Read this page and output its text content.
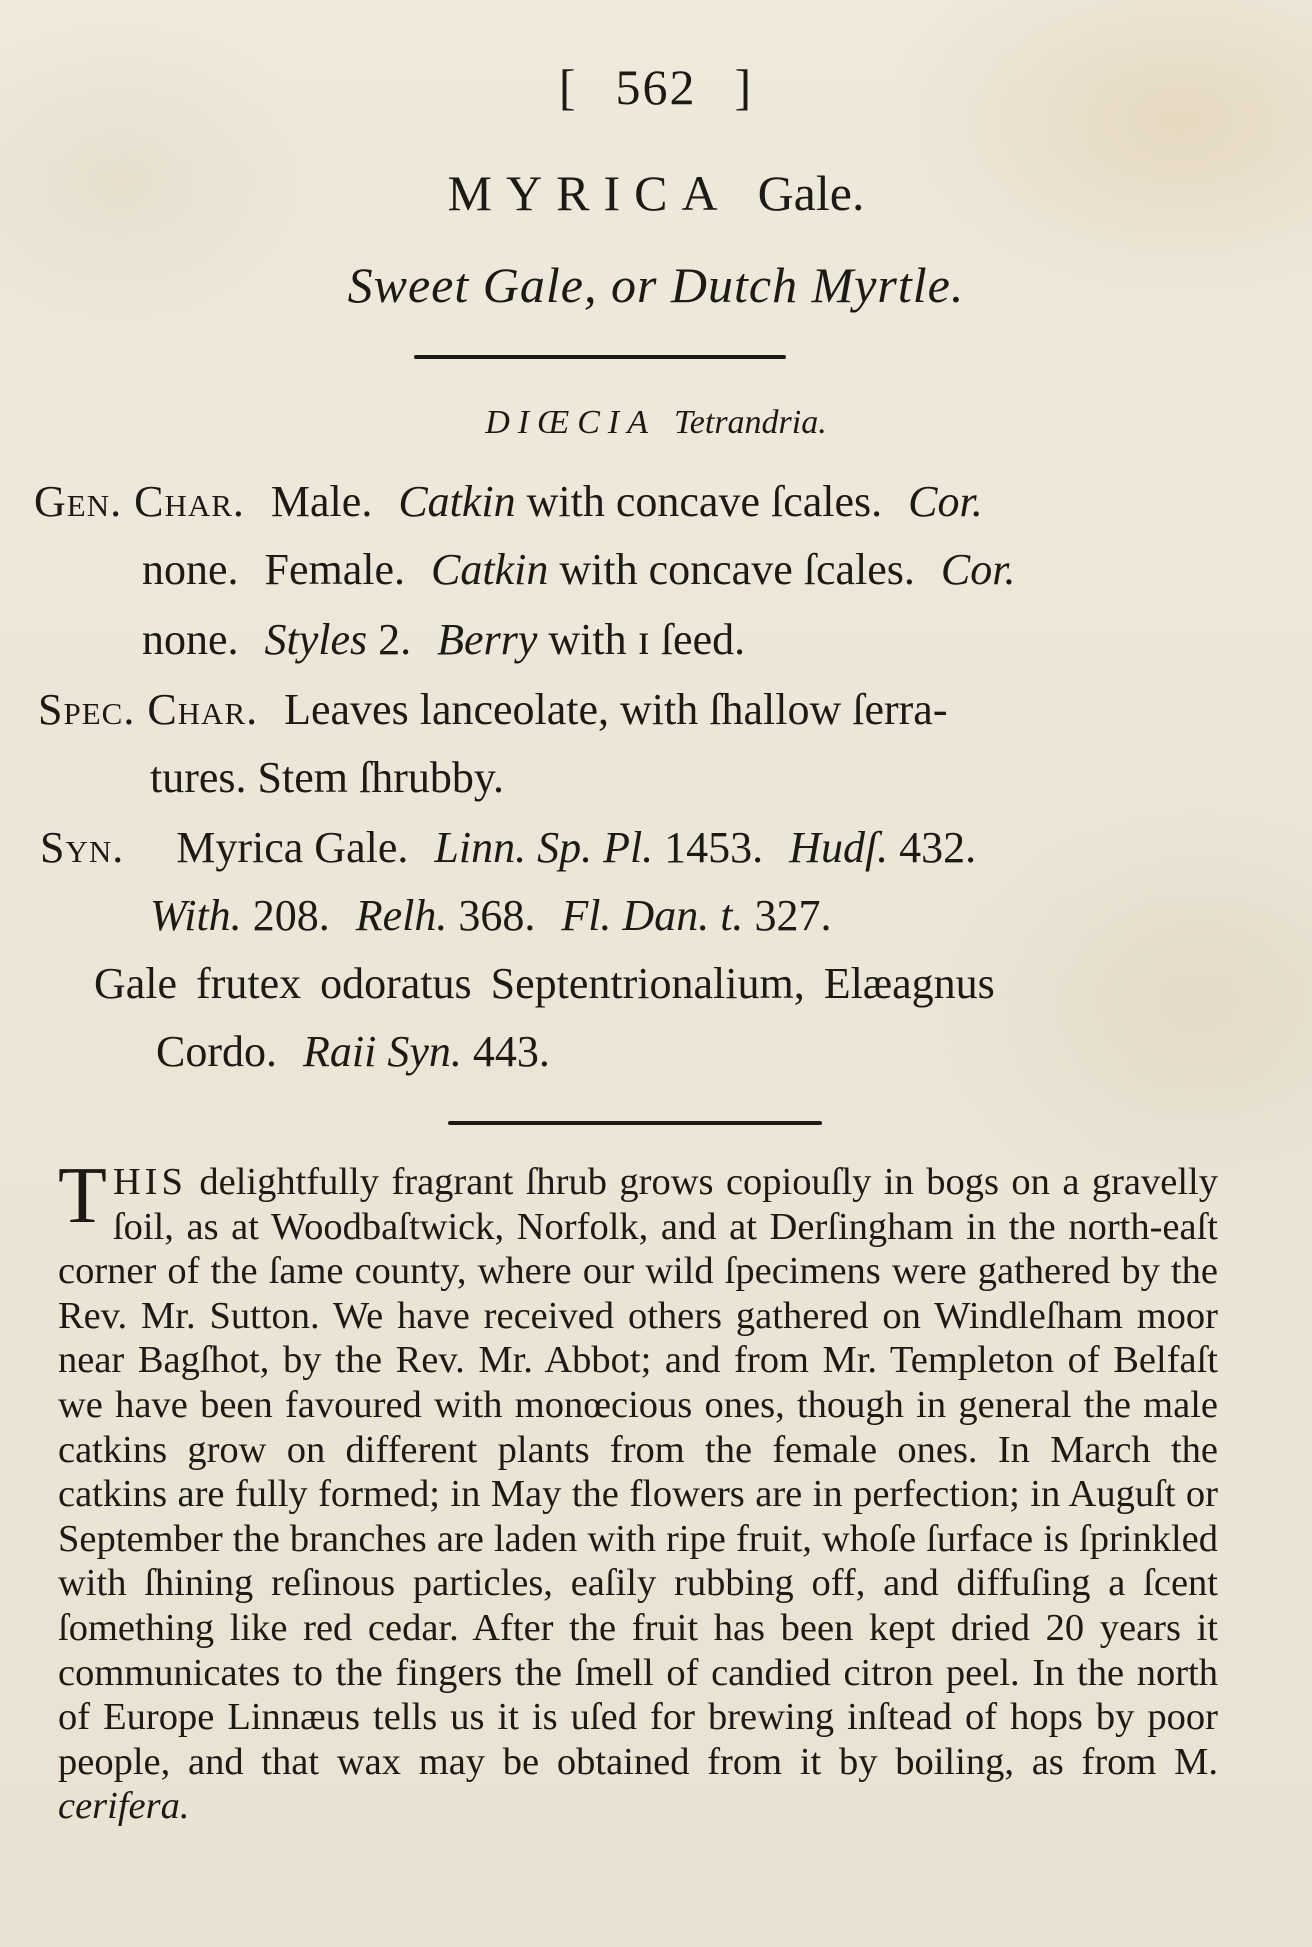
[ 562 ]
MYRICA Gale.
Sweet Gale, or Dutch Myrtle.
DIŒCIA Tetrandria.
Gen. Char. Male. Catkin with concave ſcales. Cor.
none. Female. Catkin with concave ſcales. Cor.
none. Styles 2. Berry with ɪ ſeed.
Spec. Char. Leaves lanceolate, with ſhallow ſerra-
tures. Stem ſhrubby.
Syn. Myrica Gale. Linn. Sp. Pl. 1453. Hudſ. 432.
With. 208. Relh. 368. Fl. Dan. t. 327.
Gale frutex odoratus Septentrionalium, Elæagnus
Cordo. Raii Syn. 443.
THIS delightfully fragrant ſhrub grows copiouſly in bogs on a gravelly ſoil, as at Woodbaſtwick, Norfolk, and at Derſingham in the north-eaſt corner of the ſame county, where our wild ſpecimens were gathered by the Rev. Mr. Sutton. We have received others gathered on Windleſham moor near Bagſhot, by the Rev. Mr. Abbot; and from Mr. Templeton of Belfaſt we have been favoured with monœcious ones, though in general the male catkins grow on different plants from the female ones. In March the catkins are fully formed; in May the flowers are in perfection; in Auguſt or September the branches are laden with ripe fruit, whoſe ſurface is ſprinkled with ſhining reſinous particles, eaſily rubbing off, and diffuſing a ſcent ſomething like red cedar. After the fruit has been kept dried 20 years it communicates to the fingers the ſmell of candied citron peel. In the north of Europe Linnæus tells us it is uſed for brewing inſtead of hops by poor people, and that wax may be obtained from it by boiling, as from M. cerifera.
